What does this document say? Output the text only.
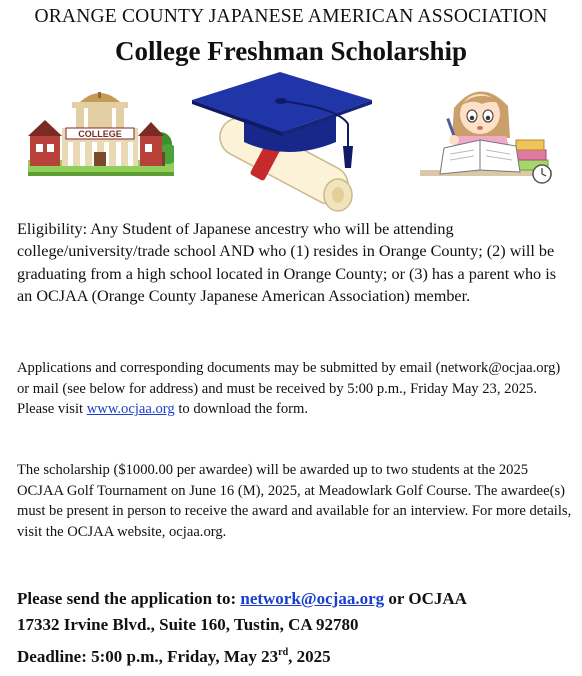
ORANGE COUNTY JAPANESE AMERICAN ASSOCIATION
College Freshman Scholarship
COLLEGE
Eligibility: Any Student of Japanese ancestry who will be attending college/university/trade school AND who (1) resides in Orange County; (2) will be graduating from a high school located in Orange County; or (3) has a parent who is an OCJAA (Orange County Japanese American Association) member.
Applications and corresponding documents may be submitted by email (network@ocjaa.org) or mail (see below for address) and must be received by 5:00 p.m., Friday May 23, 2025. Please visit www.ocjaa.org to download the form.
The scholarship ($1000.00 per awardee) will be awarded up to two students at the 2025 OCJAA Golf Tournament on June 16 (M), 2025, at Meadowlark Golf Course. The awardee(s) must be present in person to receive the award and available for an interview. For more details, visit the OCJAA website, ocjaa.org.
Please send the application to: network@ocjaa.org or OCJAA
17332 Irvine Blvd., Suite 160, Tustin, CA 92780
Deadline: 5:00 p.m., Friday, May 23rd, 2025
